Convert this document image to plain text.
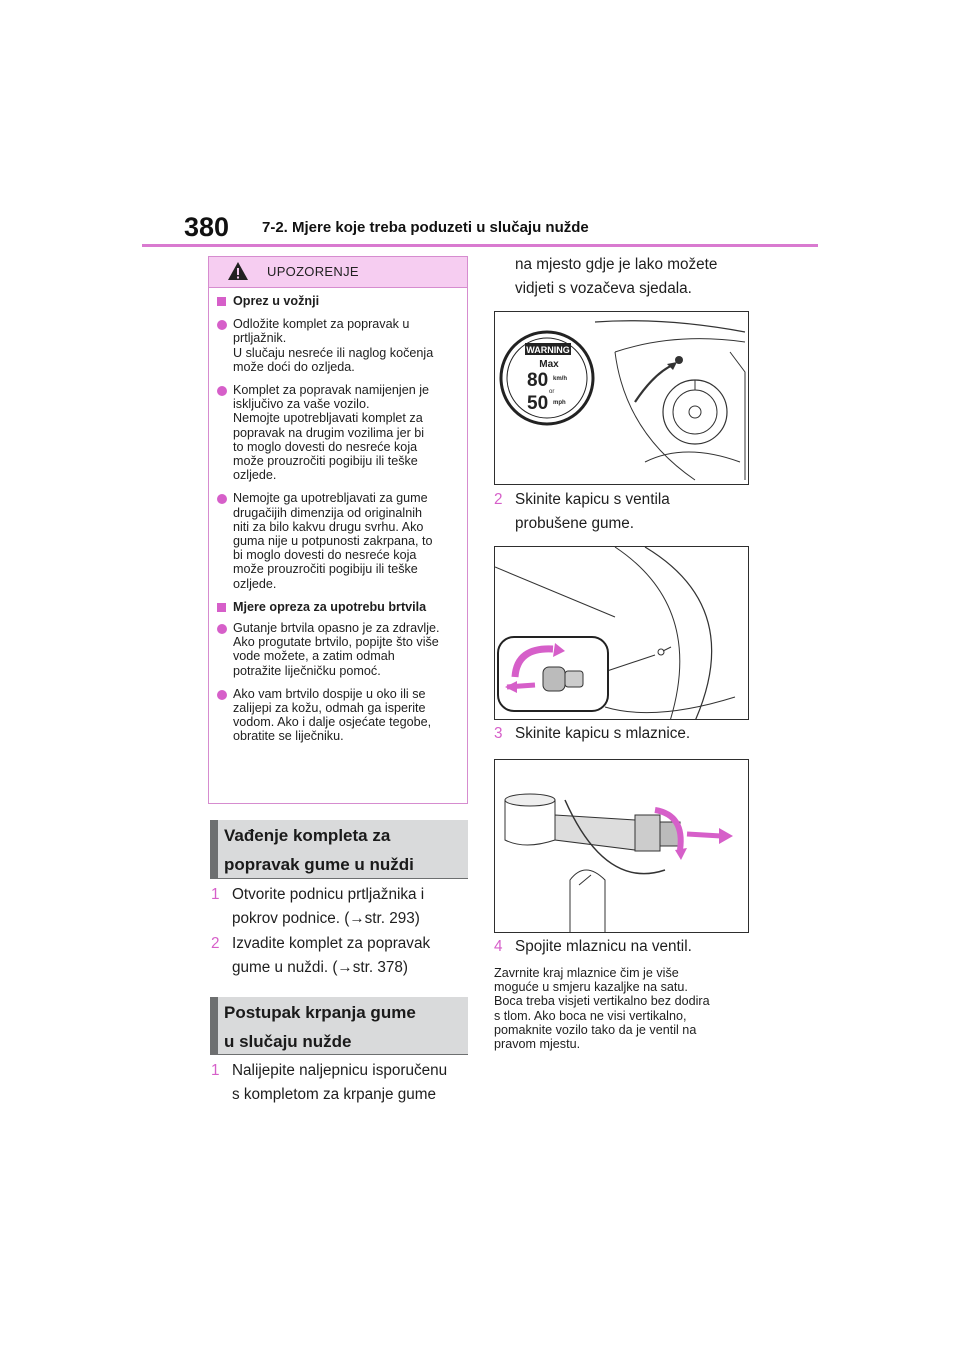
380 7-2. Mjere koje treba poduzeti u slučaju nužde
UPOZORENJE
Oprez u vožnji
Odložite komplet za popravak u
prtljažnik.
U slučaju nesreće ili naglog kočenja
može doći do ozljeda.
Komplet za popravak namijenjen je
isključivo za vaše vozilo.
Nemojte upotrebljavati komplet za
popravak na drugim vozilima jer bi
to moglo dovesti do nesreće koja
može prouzročiti pogibiju ili teške
ozljede.
Nemojte ga upotrebljavati za gume
drugačijih dimenzija od originalnih
niti za bilo kakvu drugu svrhu. Ako
guma nije u potpunosti zakrpana, to
bi moglo dovesti do nesreće koja
može prouzročiti pogibiju ili teške
ozljede.
Mjere opreza za upotrebu brtvila
Gutanje brtvila opasno je za zdravlje.
Ako progutate brtvilo, popijte što više
vode možete, a zatim odmah
potražite liječničku pomoć.
Ako vam brtvilo dospije u oko ili se
zalijepi za kožu, odmah ga isperite
vodom. Ako i dalje osjećate tegobe,
obratite se liječniku.
Vađenje kompleta za
popravak gume u nuždi
1 Otvorite podnicu prtljažnika i
pokrov podnice. (→str. 293)
2 Izvadite komplet za popravak
gume u nuždi. (→str. 378)
Postupak krpanja gume
u slučaju nužde
1 Nalijepite naljepnicu isporučenu
s kompletom za krpanje gume
na mjesto gdje je lako možete
vidjeti s vozačeva sjedala.
WARNING
Max
80 km/h
or
50 mph
2 Skinite kapicu s ventila
probušene gume.
3 Skinite kapicu s mlaznice.
4 Spojite mlaznicu na ventil.
Zavrnite kraj mlaznice čim je više
moguće u smjeru kazaljke na satu.
Boca treba visjeti vertikalno bez dodira
s tlom. Ako boca ne visi vertikalno,
pomaknite vozilo tako da je ventil na
pravom mjestu.
